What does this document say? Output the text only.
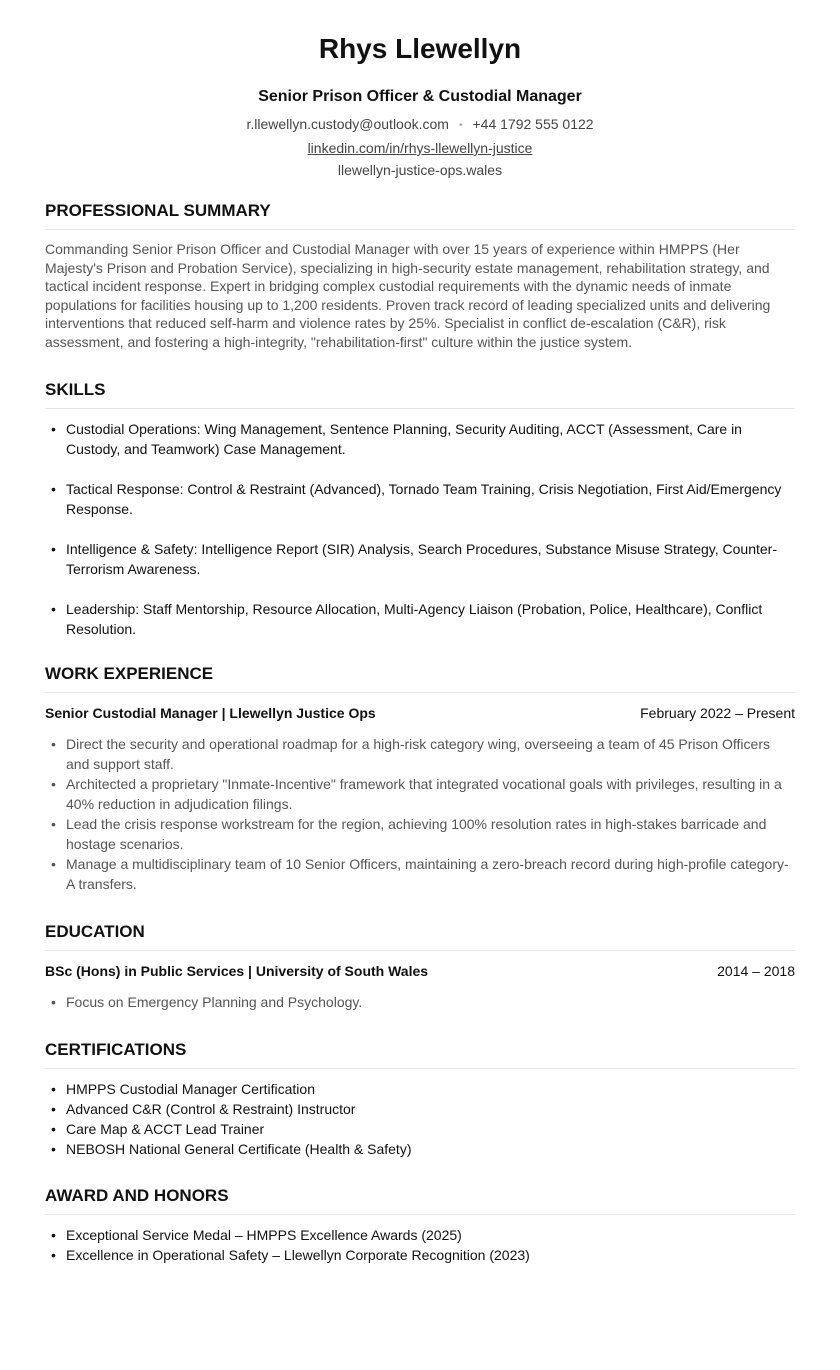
Rhys Llewellyn
Senior Prison Officer & Custodial Manager
r.llewellyn.custody@outlook.com • +44 1792 555 0122
linkedin.com/in/rhys-llewellyn-justice
llewellyn-justice-ops.wales
PROFESSIONAL SUMMARY

Commanding Senior Prison Officer and Custodial Manager with over 15 years of experience within HMPPS (Her Majesty's Prison and Probation Service), specializing in high-security estate management, rehabilitation strategy, and tactical incident response. Expert in bridging complex custodial requirements with the dynamic needs of inmate populations for facilities housing up to 1,200 residents. Proven track record of leading specialized units and delivering interventions that reduced self-harm and violence rates by 25%. Specialist in conflict de-escalation (C&R), risk assessment, and fostering a high-integrity, "rehabilitation-first" culture within the justice system.

SKILLS
• Custodial Operations: Wing Management, Sentence Planning, Security Auditing, ACCT (Assessment, Care in Custody, and Teamwork) Case Management.
• Tactical Response: Control & Restraint (Advanced), Tornado Team Training, Crisis Negotiation, First Aid/Emergency Response.
• Intelligence & Safety: Intelligence Report (SIR) Analysis, Search Procedures, Substance Misuse Strategy, Counter-Terrorism Awareness.
• Leadership: Staff Mentorship, Resource Allocation, Multi-Agency Liaison (Probation, Police, Healthcare), Conflict Resolution.
WORK EXPERIENCE
Senior Custodial Manager | Llewellyn Justice Ops	February 2022 – Present
• Direct the security and operational roadmap for a high-risk category wing, overseeing a team of 45 Prison Officers and support staff.
• Architected a proprietary "Inmate-Incentive" framework that integrated vocational goals with privileges, resulting in a 40% reduction in adjudication filings.
• Lead the crisis response workstream for the region, achieving 100% resolution rates in high-stakes barricade and hostage scenarios.
• Manage a multidisciplinary team of 10 Senior Officers, maintaining a zero-breach record during high-profile category-A transfers.
EDUCATION
BSc (Hons) in Public Services | University of South Wales	2014 – 2018
• Focus on Emergency Planning and Psychology.
CERTIFICATIONS
• HMPPS Custodial Manager Certification
• Advanced C&R (Control & Restraint) Instructor
• Care Map & ACCT Lead Trainer
• NEBOSH National General Certificate (Health & Safety)
AWARD AND HONORS
• Exceptional Service Medal – HMPPS Excellence Awards (2025)
• Excellence in Operational Safety – Llewellyn Corporate Recognition (2023)
